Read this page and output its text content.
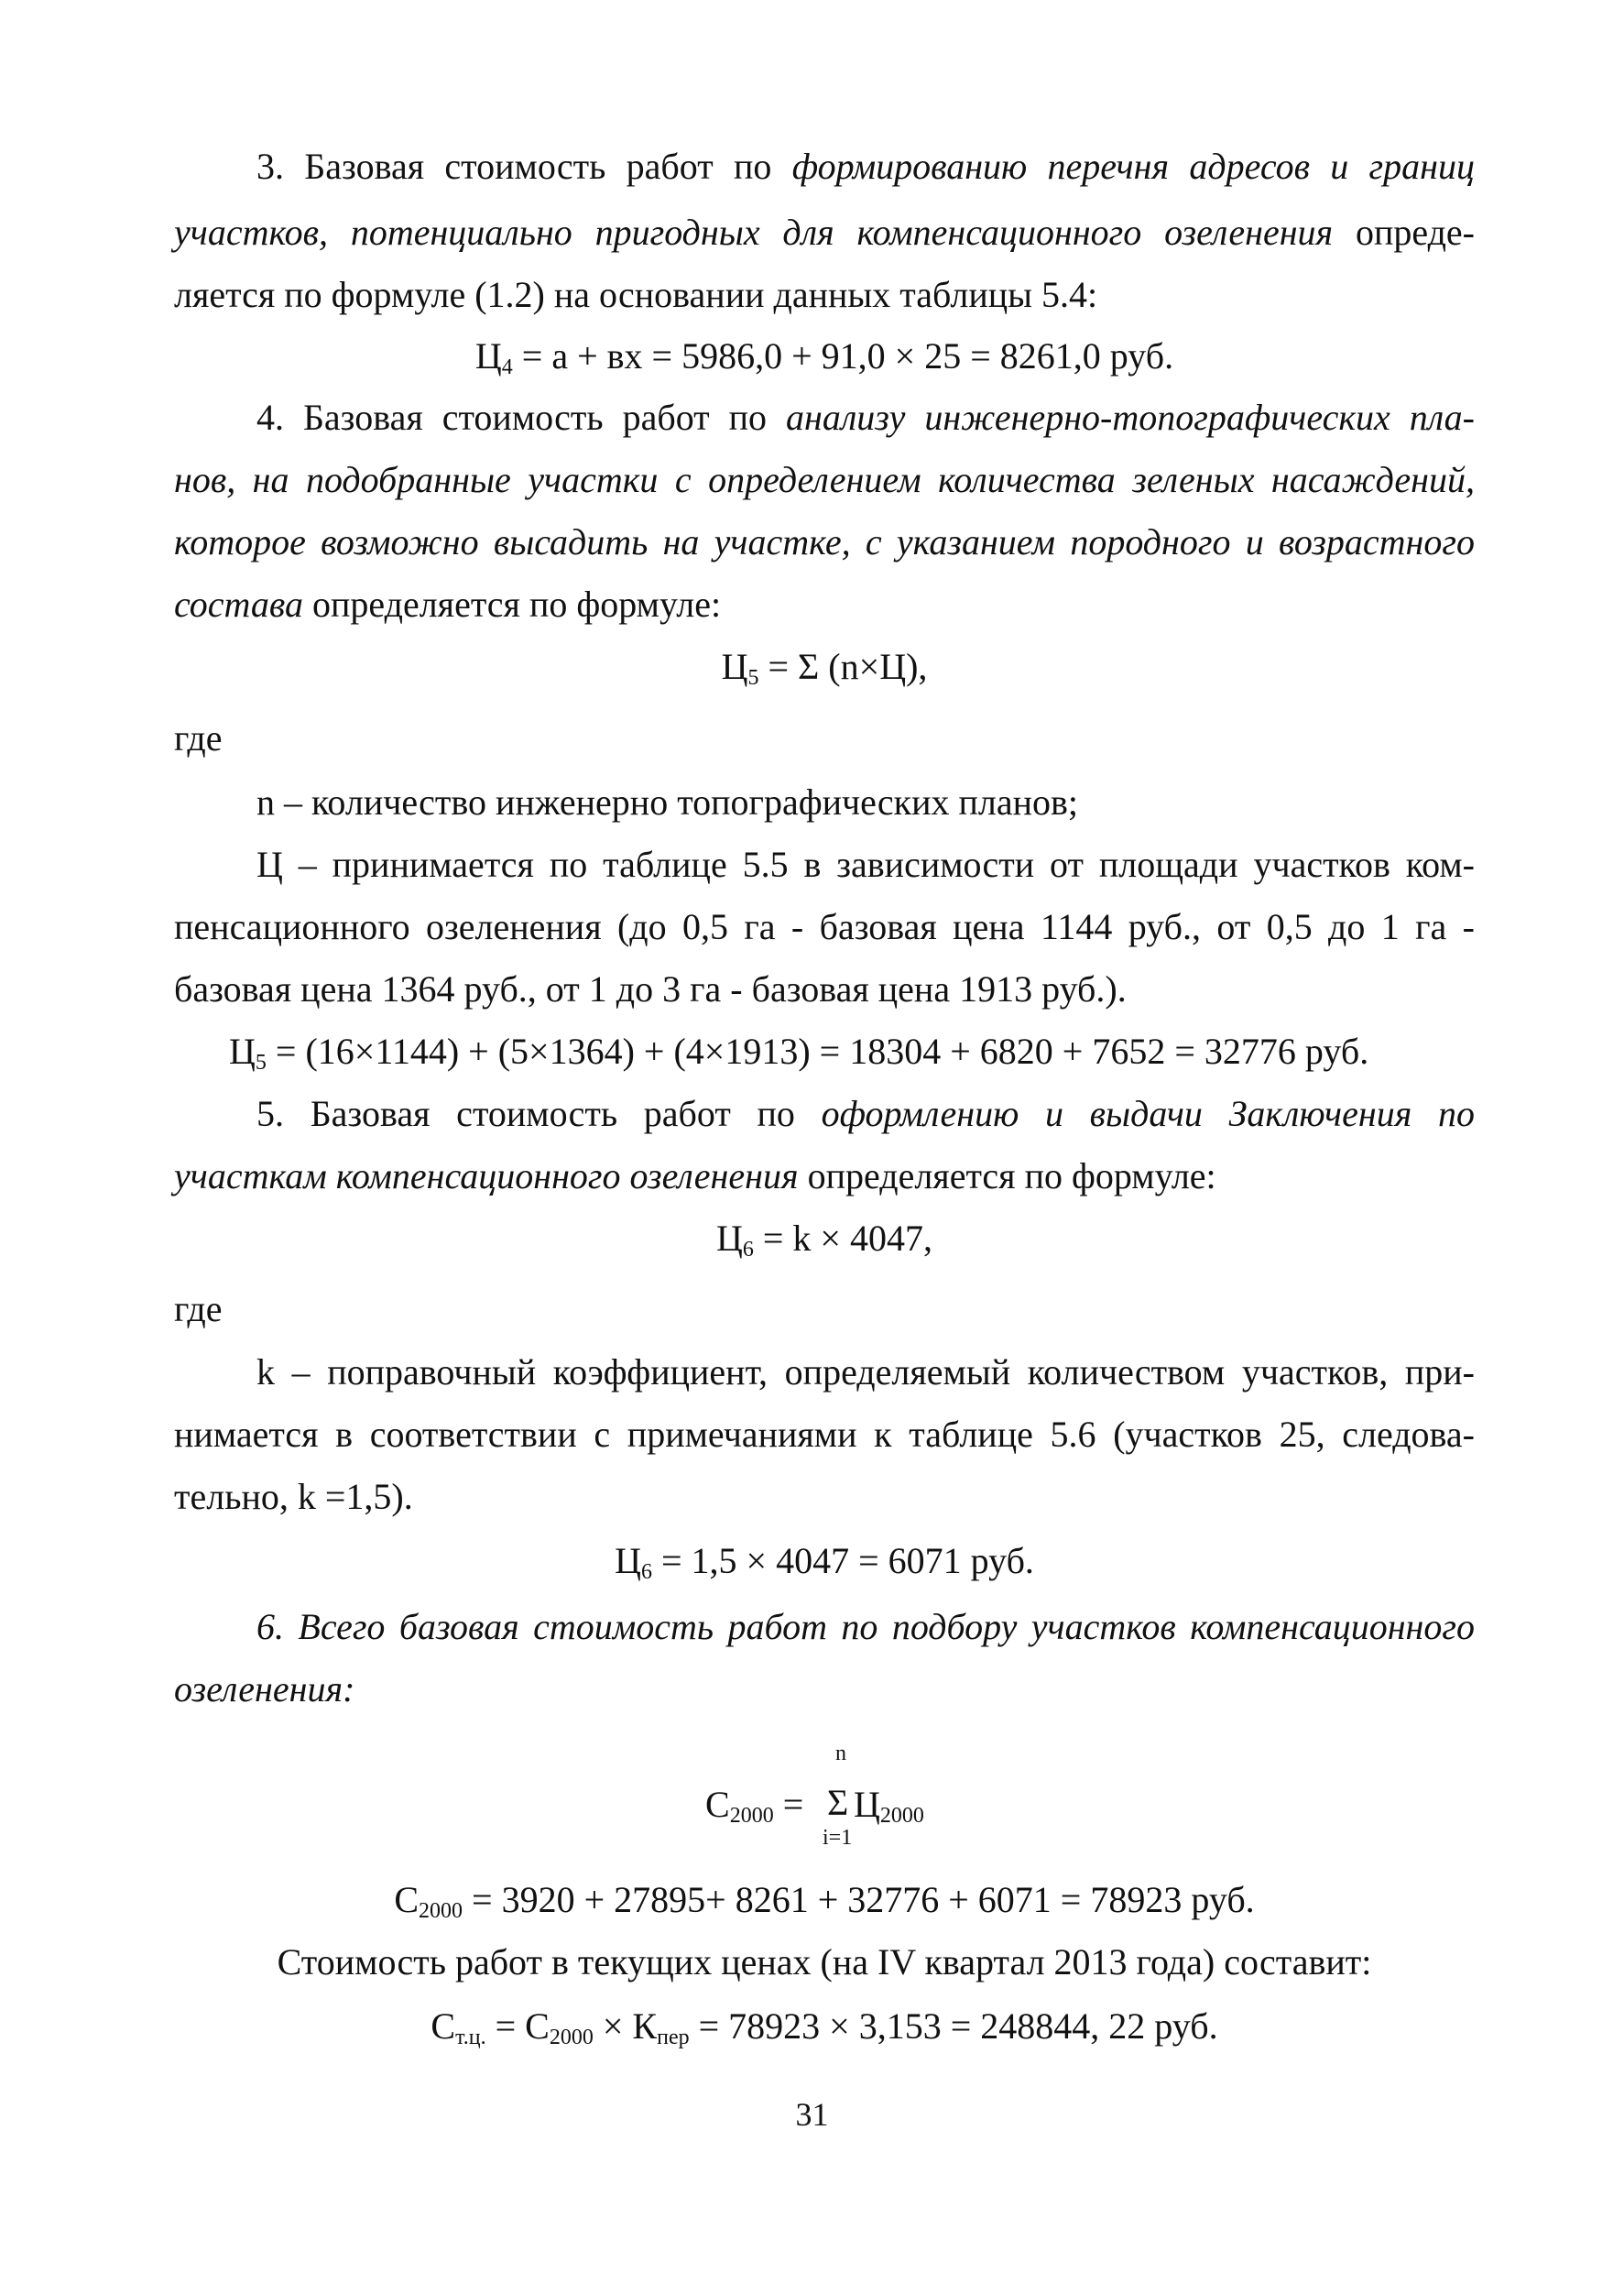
3. Базовая стоимость работ по формированию перечня адресов и границ
участков, потенциально пригодных для компенсационного озеленения опреде-
ляется по формуле (1.2) на основании данных таблицы 5.4:
$Ц_4 = а$ + вх = 5986,0 + 91,0 × 25 = 8261,0 руб.
4. Базовая стоимость работ по анализу инженерно-топографических пла-
нов, на подобранные участки с определением количества зеленых насаждений,
которое возможно высадить на участке, с указанием породного и возрастного
состава определяется по формуле:
$Ц_5 = \Sigma$ (n×Ц),
где
n – количество инженерно топографических планов;
Ц – принимается по таблице 5.5 в зависимости от площади участков ком-
пенсационного озеленения (до 0,5 га - базовая цена 1144 руб., от 0,5 до 1 га -
базовая цена 1364 руб., от 1 до 3 га - базовая цена 1913 руб.).
$Ц_5 = (16\times 1144) + (5\times 1364) + (4\times 1913) = 18304 + 6820 + 7652 = 32776$ руб.
5. Базовая стоимость работ по оформлению и выдачи Заключения по
участкам компенсационного озеленения определяется по формуле:
$Ц_6 = k \times 4047$,
где
k – поправочный коэффициент, определяемый количеством участков, при-
нимается в соответствии с примечаниями к таблице 5.6 (участков 25, следова-
тельно, k =1,5).
$Ц_6 = 1,5 \times 4047 = 6071$ руб.
6. Всего базовая стоимость работ по подбору участков компенсационного
озеленения:
$С_{2000}$ =
n
Σ
i=1
$Ц_{2000}$
$С_{2000} = 3920 + 27895+ 8261 + 32776 + 6071 = 78923$ руб.
Стоимость работ в текущих ценах (на IV квартал 2013 года) составит:
$С_{т.ц.} = С_{2000} \times К_{пер} = 78923 \times 3,153 = 248844$, 22 руб.
31
